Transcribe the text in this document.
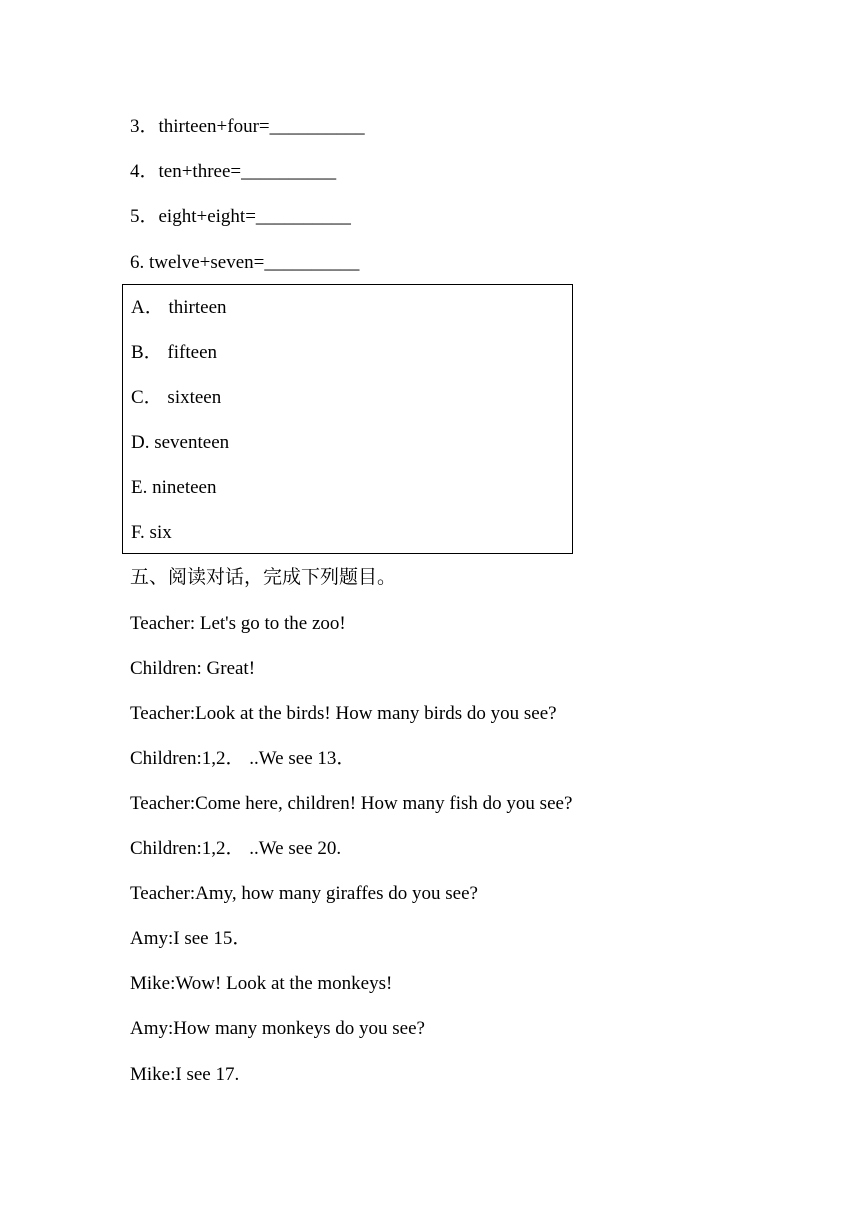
3．thirteen+four=__________
4．ten+three=__________
5．eight+eight=__________
6. twelve+seven=__________
A． thirteen
B． fifteen
C． sixteen
D. seventeen
E. nineteen
F. six
五、阅读对话，完成下列题目。
Teacher: Let's go to the zoo!
Children: Great!
Teacher:Look at the birds! How many birds do you see?
Children:1,2． ..We see 13．
Teacher:Come here, children! How many fish do you see?
Children:1,2． ..We see 20.
Teacher:Amy, how many giraffes do you see?
Amy:I see 15．
Mike:Wow! Look at the monkeys!
Amy:How many monkeys do you see?
Mike:I see 17.
